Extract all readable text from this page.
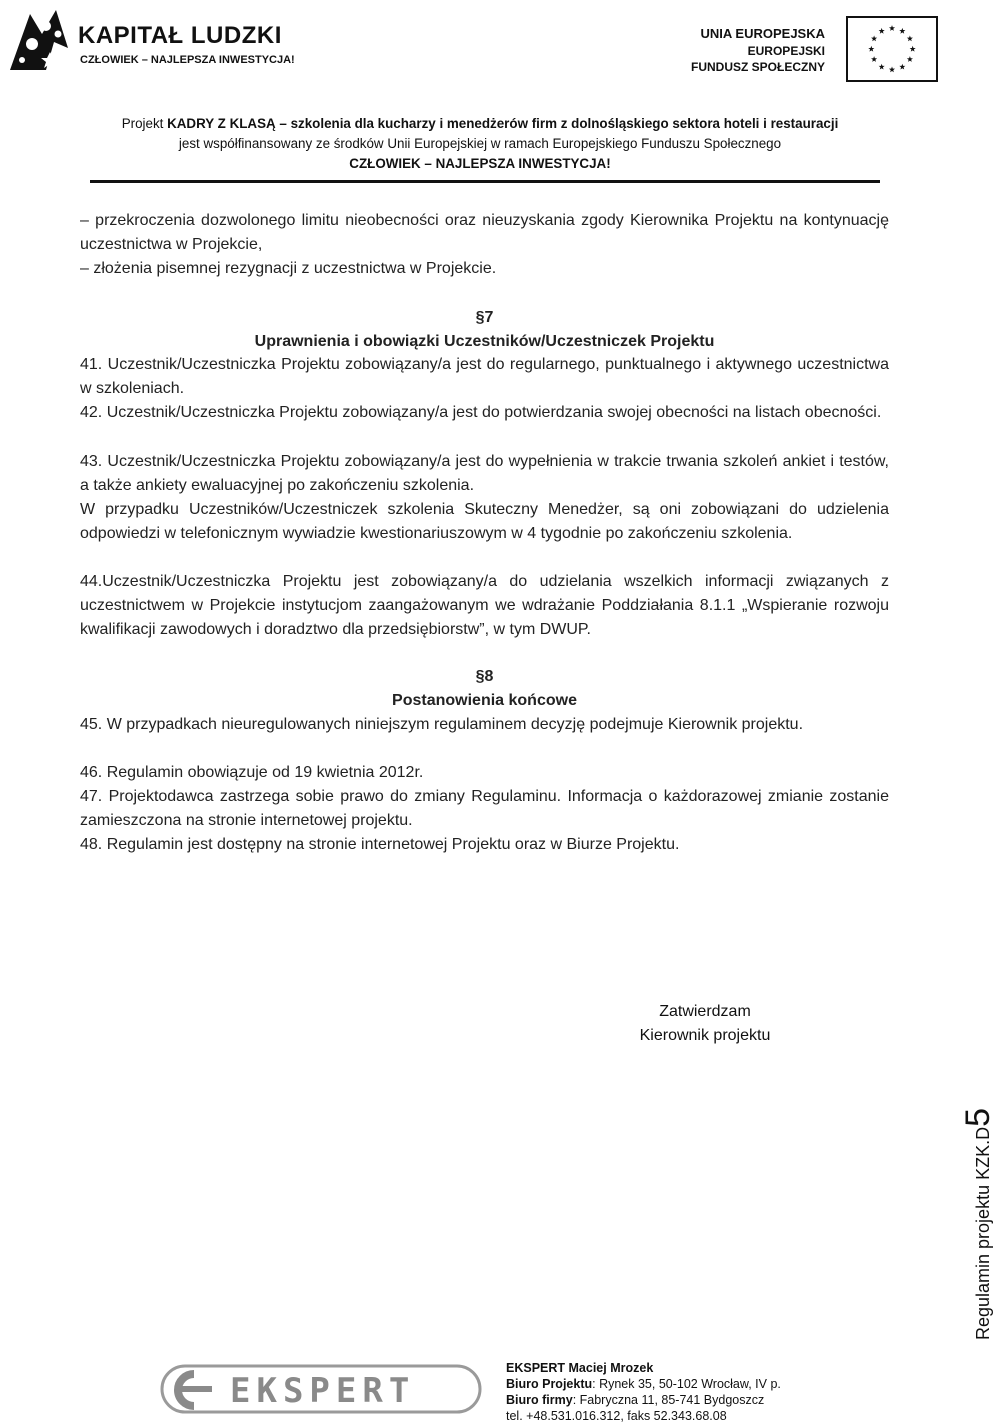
KAPITAŁ LUDZKI
CZŁOWIEK – NAJLEPSZA INWESTYCJA!
UNIA EUROPEJSKA
EUROPEJSKI
FUNDUSZ SPOŁECZNY
Projekt KADRY Z KLASĄ – szkolenia dla kucharzy i menedżerów firm z dolnośląskiego sektora hoteli i restauracji
jest współfinansowany ze środków Unii Europejskiej w ramach Europejskiego Funduszu Społecznego
CZŁOWIEK – NAJLEPSZA INWESTYCJA!
– przekroczenia dozwolonego limitu nieobecności oraz nieuzyskania zgody Kierownika Projektu na kontynuację uczestnictwa w Projekcie,
– złożenia pisemnej rezygnacji z uczestnictwa w Projekcie.
§7
Uprawnienia i obowiązki Uczestników/Uczestniczek Projektu
41. Uczestnik/Uczestniczka Projektu zobowiązany/a jest do regularnego, punktualnego i aktywnego uczestnictwa w szkoleniach.
42. Uczestnik/Uczestniczka Projektu zobowiązany/a jest do potwierdzania swojej obecności na listach obecności.
43. Uczestnik/Uczestniczka Projektu zobowiązany/a jest do wypełnienia w trakcie trwania szkoleń ankiet i testów, a także ankiety ewaluacyjnej po zakończeniu szkolenia.
W przypadku Uczestników/Uczestniczek szkolenia Skuteczny Menedżer, są oni zobowiązani do udzielenia odpowiedzi w telefonicznym wywiadzie kwestionariuszowym w 4 tygodnie po zakończeniu szkolenia.
44.Uczestnik/Uczestniczka Projektu jest zobowiązany/a do udzielania wszelkich informacji związanych z uczestnictwem w Projekcie instytucjom zaangażowanym we wdrażanie Poddziałania 8.1.1 „Wspieranie rozwoju kwalifikacji zawodowych i doradztwo dla przedsiębiorstw”, w tym DWUP.
§8
Postanowienia końcowe
45. W przypadkach nieuregulowanych niniejszym regulaminem decyzję podejmuje Kierownik projektu.
46. Regulamin obowiązuje od 19 kwietnia 2012r.
47. Projektodawca zastrzega sobie prawo do zmiany Regulaminu. Informacja o każdorazowej zmianie zostanie zamieszczona na stronie internetowej projektu.
48. Regulamin jest dostępny na stronie internetowej Projektu oraz w Biurze Projektu.
Zatwierdzam
Kierownik projektu
Regulamin projektu KZK.D5
EKSPERT
EKSPERT Maciej Mrozek
Biuro Projektu: Rynek 35, 50-102 Wrocław, IV p.
Biuro firmy: Fabryczna 11, 85-741 Bydgoszcz
tel. +48.531.016.312, faks 52.343.68.08
